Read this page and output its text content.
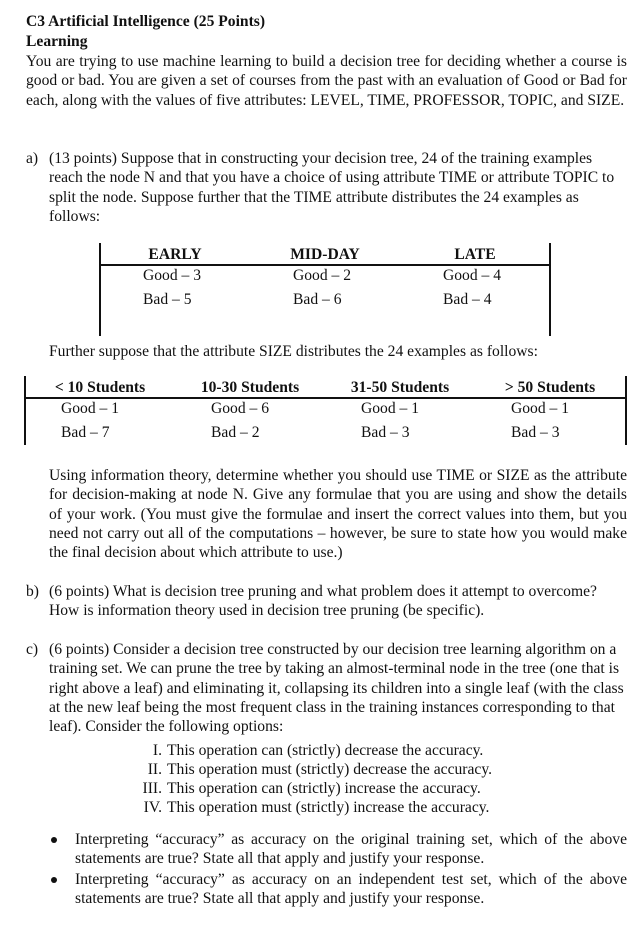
C3 Artificial Intelligence (25 Points)
Learning
You are trying to use machine learning to build a decision tree for deciding whether a course is good or bad. You are given a set of courses from the past with an evaluation of Good or Bad for each, along with the values of five attributes: LEVEL, TIME, PROFESSOR, TOPIC, and SIZE.
a) (13 points) Suppose that in constructing your decision tree, 24 of the training examples reach the node N and that you have a choice of using attribute TIME or attribute TOPIC to split the node. Suppose further that the TIME attribute distributes the 24 examples as follows:
EARLY	MID-DAY	LATE
Good – 3	Good – 2	Good – 4
Bad – 5	Bad – 6	Bad – 4
Further suppose that the attribute SIZE distributes the 24 examples as follows:
< 10 Students	10-30 Students	31-50 Students	> 50 Students
Good – 1	Good – 6	Good – 1	Good – 1
Bad – 7	Bad – 2	Bad – 3	Bad – 3
Using information theory, determine whether you should use TIME or SIZE as the attribute for decision-making at node N. Give any formulae that you are using and show the details of your work. (You must give the formulae and insert the correct values into them, but you need not carry out all of the computations – however, be sure to state how you would make the final decision about which attribute to use.)
b) (6 points) What is decision tree pruning and what problem does it attempt to overcome? How is information theory used in decision tree pruning (be specific).
c) (6 points) Consider a decision tree constructed by our decision tree learning algorithm on a training set. We can prune the tree by taking an almost-terminal node in the tree (one that is right above a leaf) and eliminating it, collapsing its children into a single leaf (with the class at the new leaf being the most frequent class in the training instances corresponding to that leaf). Consider the following options:
I. This operation can (strictly) decrease the accuracy.
II. This operation must (strictly) decrease the accuracy.
III. This operation can (strictly) increase the accuracy.
IV. This operation must (strictly) increase the accuracy.
Interpreting “accuracy” as accuracy on the original training set, which of the above statements are true? State all that apply and justify your response.
Interpreting “accuracy” as accuracy on an independent test set, which of the above statements are true? State all that apply and justify your response.
